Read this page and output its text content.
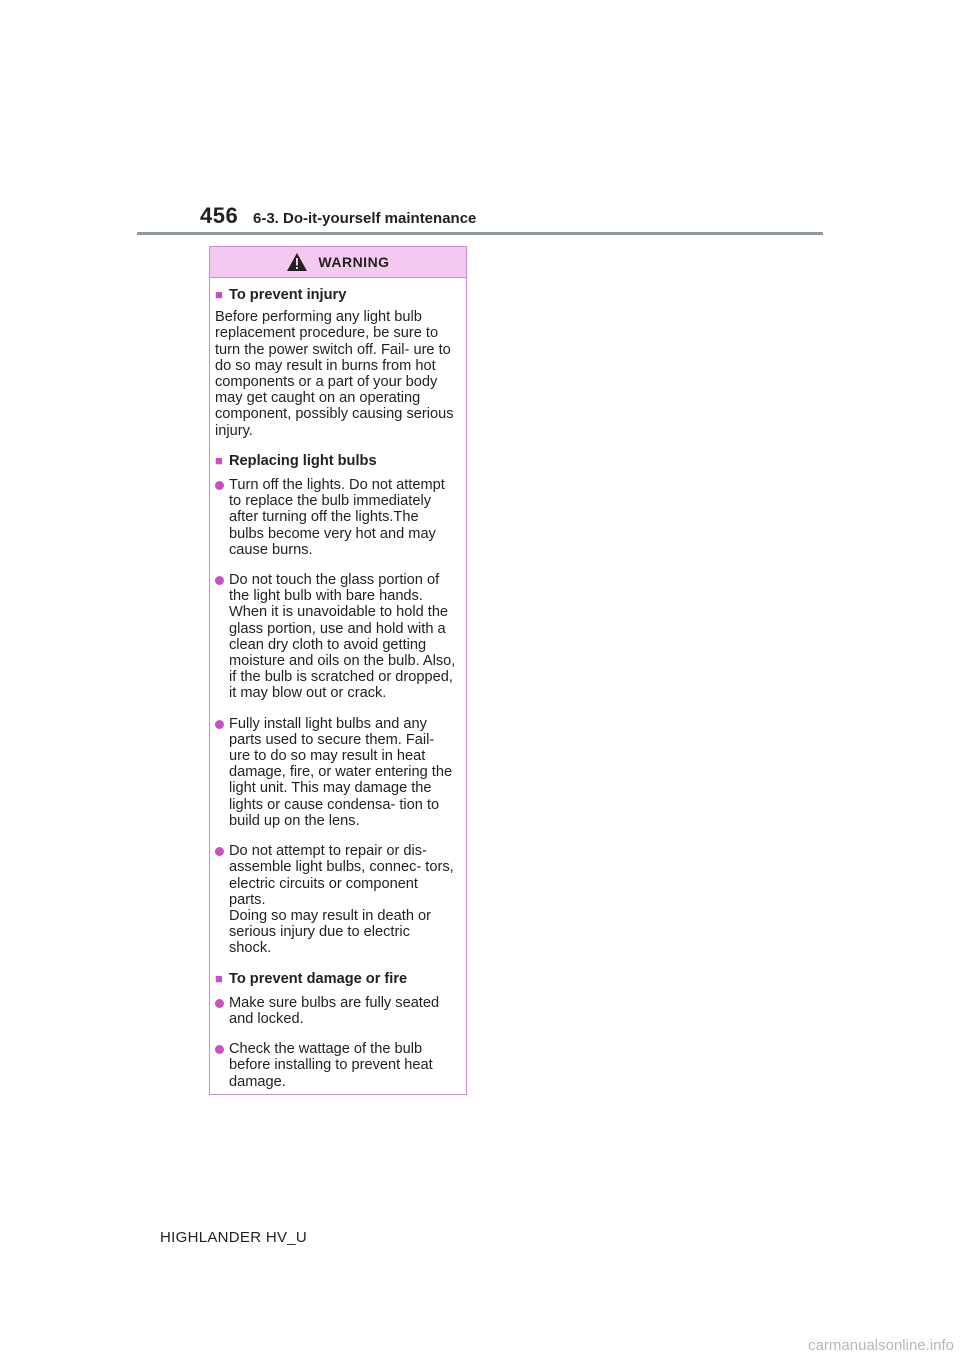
456 6-3. Do-it-yourself maintenance
WARNING
■ To prevent injury

Before performing any light bulb replacement procedure, be sure to turn the power switch off. Fail- ure to do so may result in burns from hot components or a part of your body may get caught on an operating component, possibly causing serious injury.

■ Replacing light bulbs
Turn off the lights. Do not attempt to replace the bulb immediately after turning off the lights.The bulbs become very hot and may cause burns.
Do not touch the glass portion of the light bulb with bare hands. When it is unavoidable to hold the glass portion, use and hold with a clean dry cloth to avoid getting moisture and oils on the bulb. Also, if the bulb is scratched or dropped, it may blow out or crack.
Fully install light bulbs and any parts used to secure them. Fail- ure to do so may result in heat damage, fire, or water entering the light unit. This may damage the lights or cause condensa- tion to build up on the lens.
Do not attempt to repair or dis- assemble light bulbs, connec- tors, electric circuits or component parts.
Doing so may result in death or serious injury due to electric shock.
■ To prevent damage or fire
Make sure bulbs are fully seated and locked.
Check the wattage of the bulb before installing to prevent heat damage.
HIGHLANDER HV_U
carmanualsonline.info
